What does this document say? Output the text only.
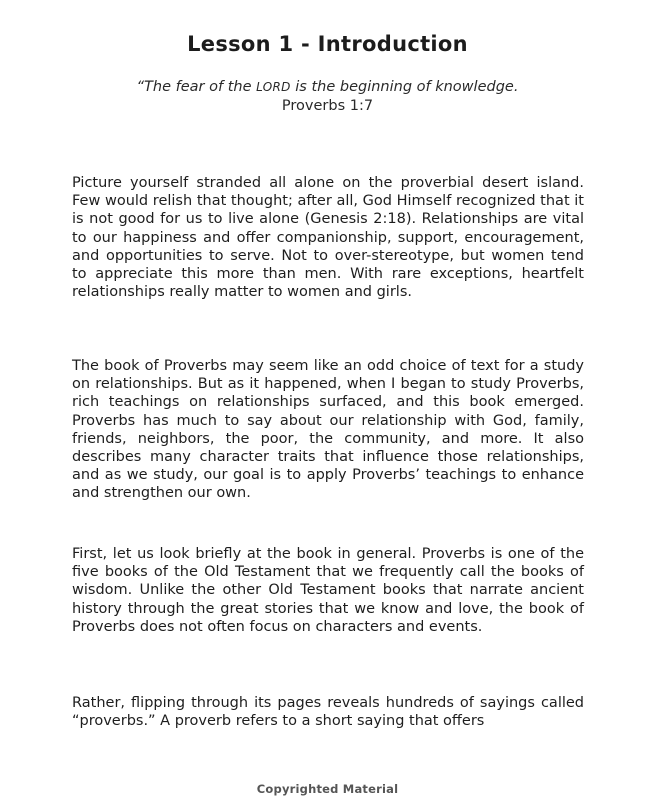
Lesson 1 - Introduction
“The fear of the LORD is the beginning of knowledge.
Proverbs 1:7

Picture yourself stranded all alone on the proverbial desert island. Few would relish that thought; after all, God Himself recognized that it is not good for us to live alone (Genesis 2:18). Relationships are vital to our happiness and offer companionship, support, encouragement, and opportunities to serve. Not to over-stereotype, but women tend to appreciate this more than men. With rare exceptions, heartfelt relationships really matter to women and girls.

The book of Proverbs may seem like an odd choice of text for a study on relationships. But as it happened, when I began to study Proverbs, rich teachings on relationships surfaced, and this book emerged. Proverbs has much to say about our relationship with God, family, friends, neighbors, the poor, the community, and more. It also describes many character traits that influence those relationships, and as we study, our goal is to apply Proverbs’ teachings to enhance and strengthen our own.

First, let us look briefly at the book in general. Proverbs is one of the five books of the Old Testament that we frequently call the books of wisdom. Unlike the other Old Testament books that narrate ancient history through the great stories that we know and love, the book of Proverbs does not often focus on characters and events.

Rather, flipping through its pages reveals hundreds of sayings called “proverbs.” A proverb refers to a short saying that offers

Copyrighted Material
